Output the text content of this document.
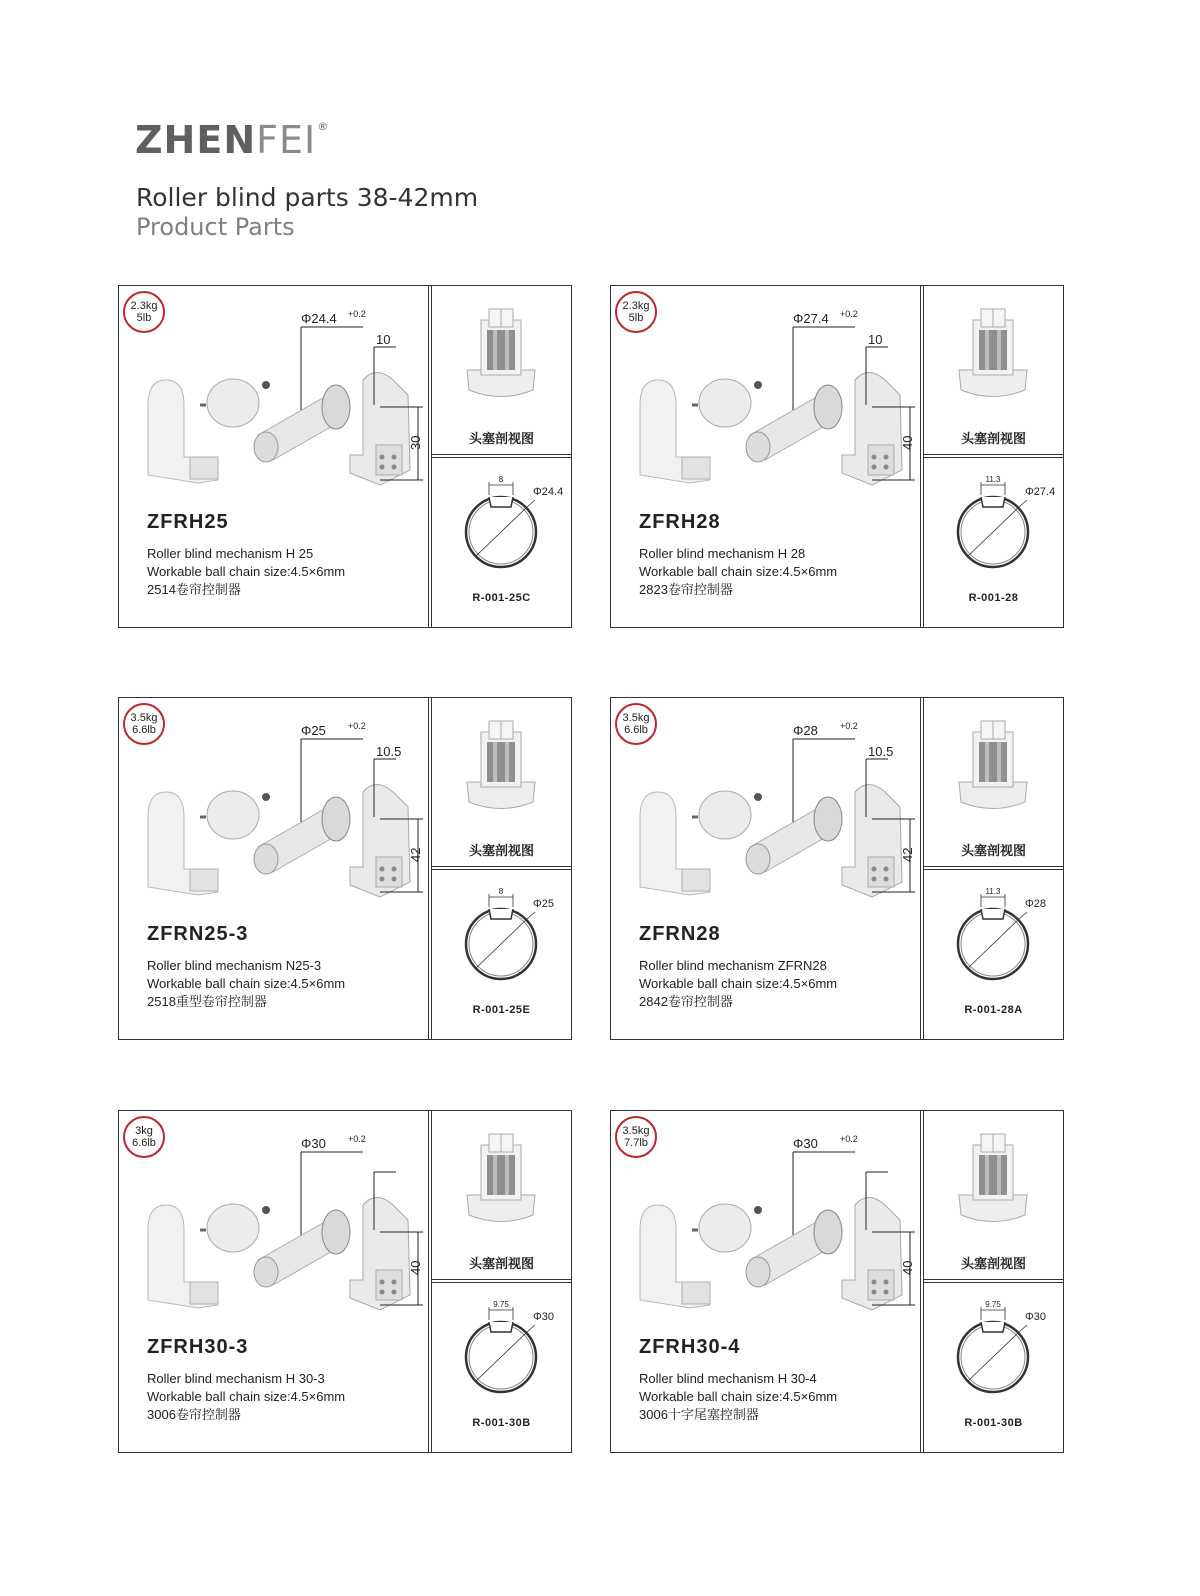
ZHENFEI®
Roller blind parts 38-42mm
Product Parts
2.3kg
5lb	Φ24.4 +0.2
10
30
ZFRH25
Roller blind mechanism H 25
Workable ball chain size:4.5×6mm
2514卷帘控制器
头塞剖视图
8
Φ24.4
R-001-25C
2.3kg
5lb	Φ27.4 +0.2
10
40
ZFRH28
Roller blind mechanism H 28
Workable ball chain size:4.5×6mm
2823卷帘控制器
头塞剖视图
11.3
Φ27.4
R-001-28
3.5kg
6.6lb	Φ25 +0.2
10.5
42
ZFRN25-3
Roller blind mechanism N25-3
Workable ball chain size:4.5×6mm
2518重型卷帘控制器
头塞剖视图
8
Φ25
R-001-25E
3.5kg
6.6lb	Φ28 +0.2
10.5
42
ZFRN28
Roller blind mechanism ZFRN28
Workable ball chain size:4.5×6mm
2842卷帘控制器
头塞剖视图
11.3
Φ28
R-001-28A
3kg
6.6lb	Φ30 +0.2
40
ZFRH30-3
Roller blind mechanism H 30-3
Workable ball chain size:4.5×6mm
3006卷帘控制器
头塞剖视图
9.75
Φ30
R-001-30B
3.5kg
7.7lb	Φ30 +0.2
40
ZFRH30-4
Roller blind mechanism H 30-4
Workable ball chain size:4.5×6mm
3006十字尾塞控制器
头塞剖视图
9.75
Φ30
R-001-30B
